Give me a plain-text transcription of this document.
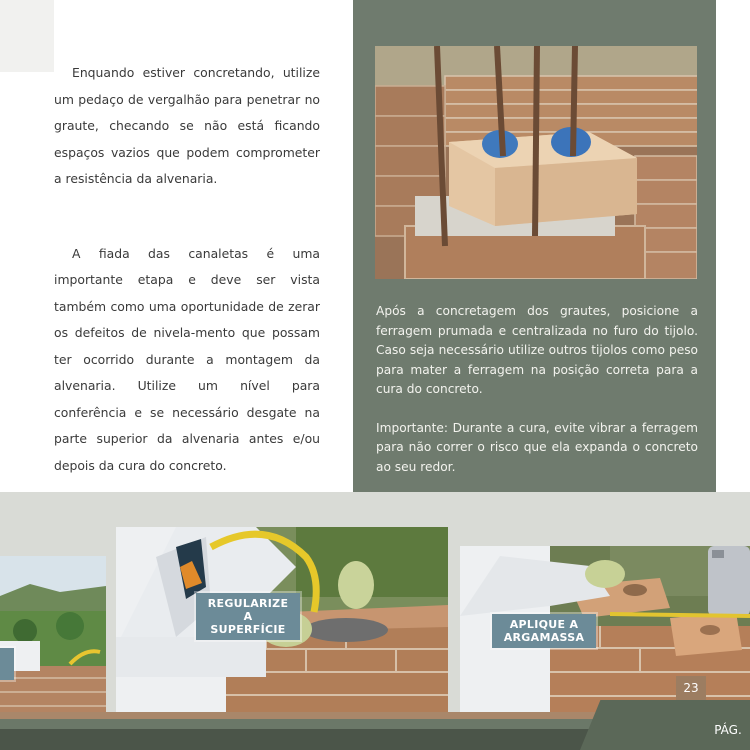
Enquando estiver concretando, utilize um pedaço de vergalhão para penetrar no graute, checando se não está ficando espaços vazios que podem comprometer a resistência da alvenaria.

A fiada das canaletas é uma importante etapa e deve ser vista também como uma oportunidade de zerar os defeitos de nivela-mento que possam ter ocorrido durante a montagem da alvenaria. Utilize um nível para conferência e se necessário desgate na parte superior da alvenaria antes e/ou depois da cura do concreto.

Após a concretagem dos grautes, posicione a ferragem prumada e centralizada no furo do tijolo. Caso seja necessário utilize outros tijolos como peso para mater a ferragem na posição correta para a cura do concreto.

Importante: Durante a cura, evite vibrar a ferragem para não correr o risco que ela expanda o concreto ao seu redor.

REGULARIZE
A SUPERFÍCIE	APLIQUE A
ARGAMASSA
23
PÁG.
